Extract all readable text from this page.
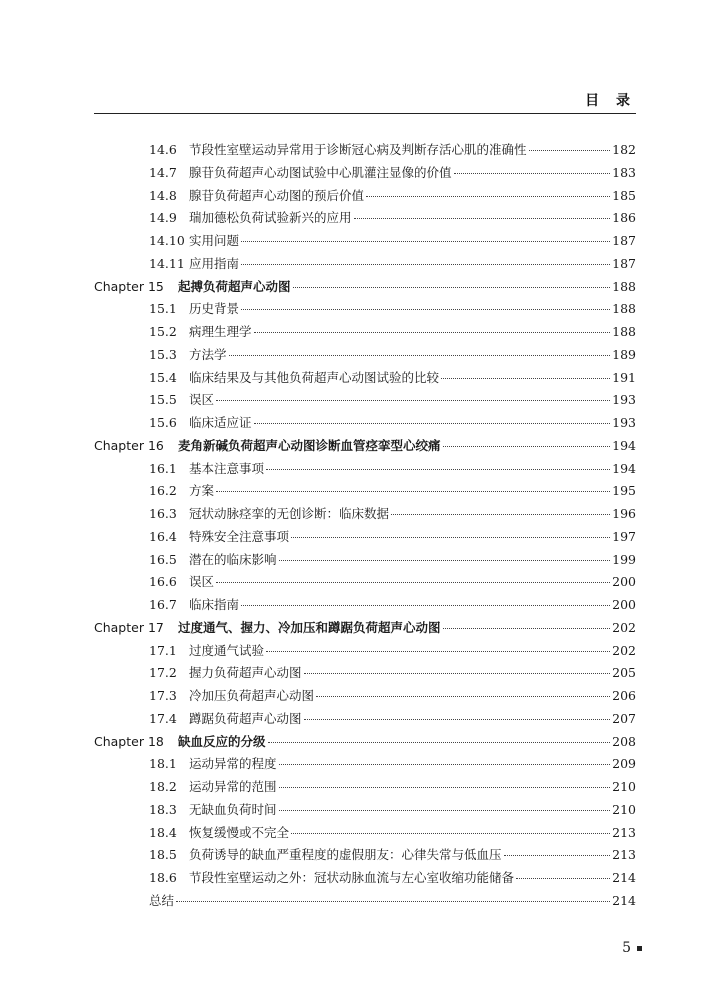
目 录
14.6 节段性室壁运动异常用于诊断冠心病及判断存活心肌的准确性	182
14.7 腺苷负荷超声心动图试验中心肌灌注显像的价值	183
14.8 腺苷负荷超声心动图的预后价值	185
14.9 瑞加德松负荷试验新兴的应用	186
14.10 实用问题	187
14.11 应用指南	187
Chapter 15	起搏负荷超声心动图	188
15.1 历史背景	188
15.2 病理生理学	188
15.3 方法学	189
15.4 临床结果及与其他负荷超声心动图试验的比较	191
15.5 误区	193
15.6 临床适应证	193
Chapter 16	麦角新碱负荷超声心动图诊断血管痉挛型心绞痛	194
16.1 基本注意事项	194
16.2 方案	195
16.3 冠状动脉痉挛的无创诊断：临床数据	196
16.4 特殊安全注意事项	197
16.5 潜在的临床影响	199
16.6 误区	200
16.7 临床指南	200
Chapter 17	过度通气、握力、冷加压和蹲踞负荷超声心动图	202
17.1 过度通气试验	202
17.2 握力负荷超声心动图	205
17.3 冷加压负荷超声心动图	206
17.4 蹲踞负荷超声心动图	207
Chapter 18	缺血反应的分级	208
18.1 运动异常的程度	209
18.2 运动异常的范围	210
18.3 无缺血负荷时间	210
18.4 恢复缓慢或不完全	213
18.5 负荷诱导的缺血严重程度的虚假朋友：心律失常与低血压	213
18.6 节段性室壁运动之外：冠状动脉血流与左心室收缩功能储备	214
总结	214
5
